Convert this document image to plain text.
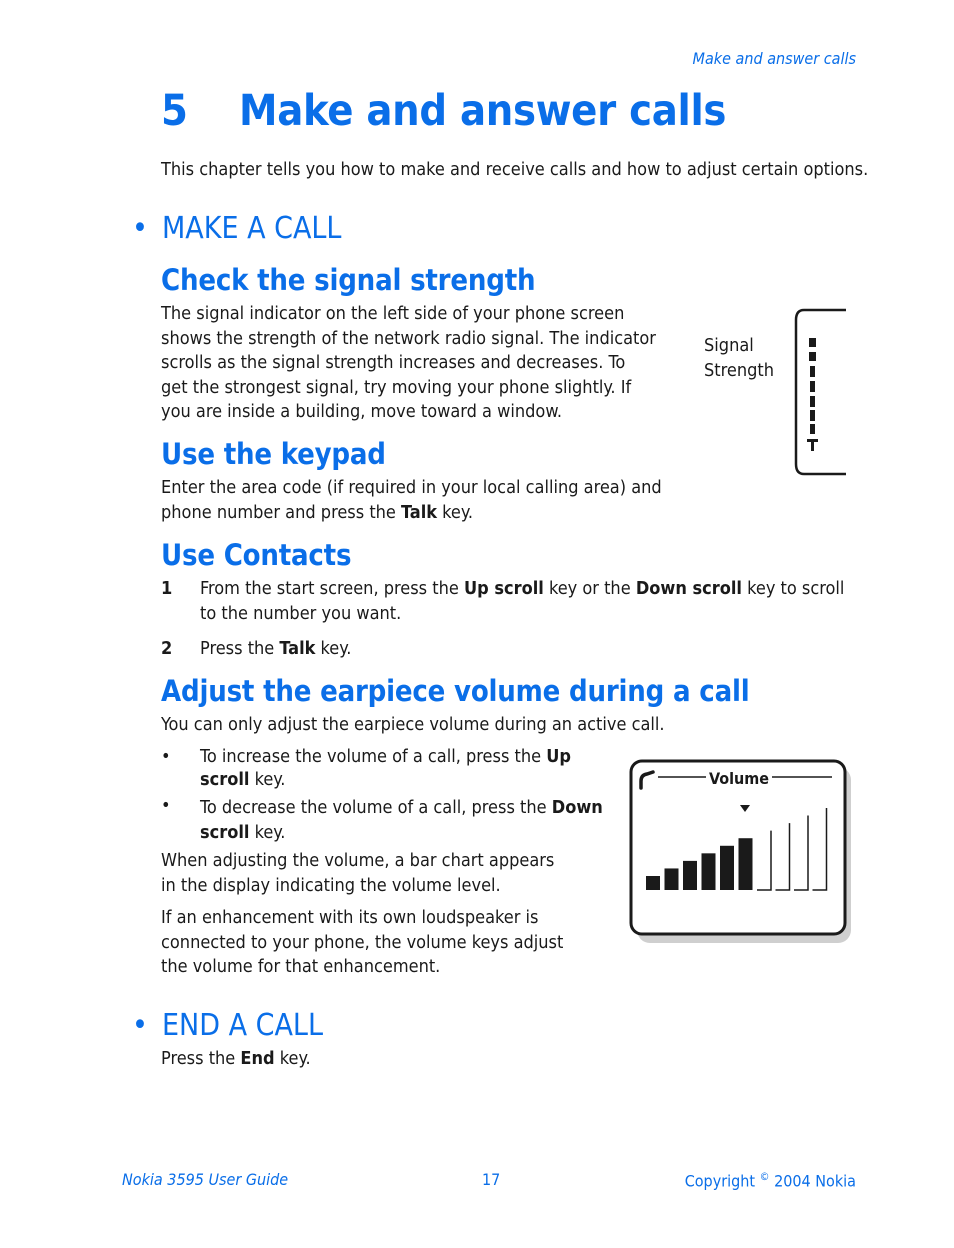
Make and answer calls
5 Make and answer calls
This chapter tells you how to make and receive calls and how to adjust certain options.
• MAKE A CALL
Check the signal strength
The signal indicator on the left side of your phone screen
shows the strength of the network radio signal. The indicator
scrolls as the signal strength increases and decreases. To
get the strongest signal, try moving your phone slightly. If
you are inside a building, move toward a window.
Signal
Strength
Use the keypad
Enter the area code (if required in your local calling area) and
phone number and press the Talk key.
Use Contacts
1 From the start screen, press the Up scroll key or the Down scroll key to scroll to the number you want.
2 Press the Talk key.
Adjust the earpiece volume during a call
You can only adjust the earpiece volume during an active call.
• To increase the volume of a call, press the Up scroll key.
• To decrease the volume of a call, press the Down scroll key.
When adjusting the volume, a bar chart appears
in the display indicating the volume level.
If an enhancement with its own loudspeaker is
connected to your phone, the volume keys adjust
the volume for that enhancement.
Volume
• END A CALL
Press the End key.
Nokia 3595 User Guide	17	Copyright © 2004 Nokia
